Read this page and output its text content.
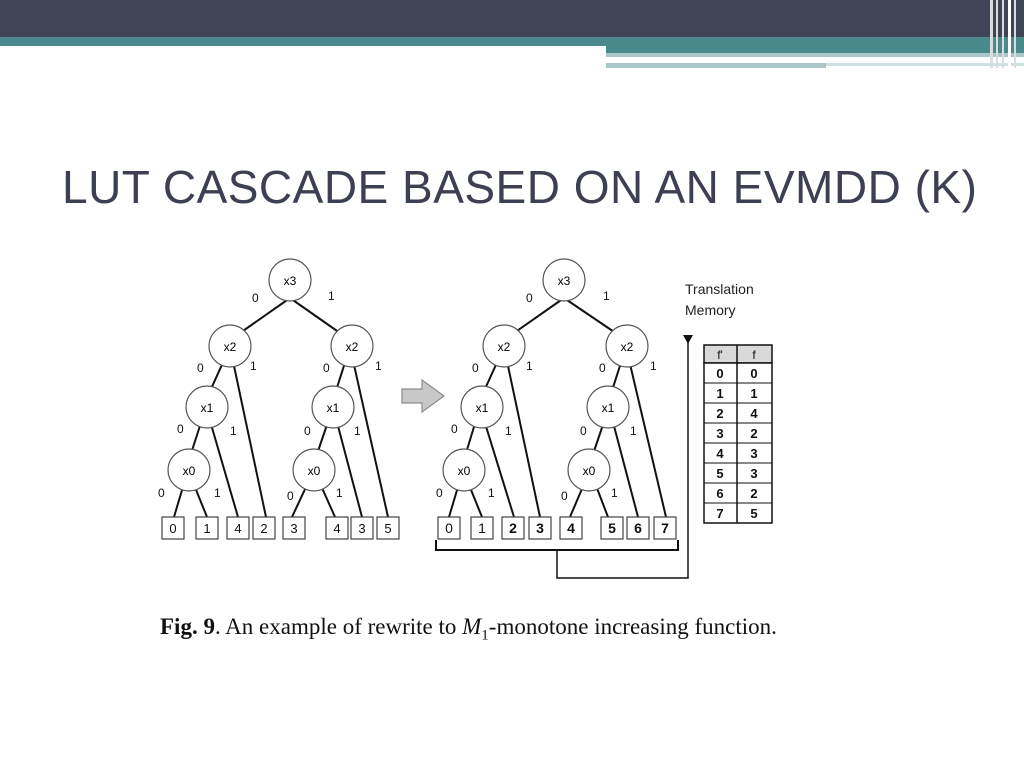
LUT CASCADE BASED ON AN EVMDD (K)
0	1
0	1
0	1
0	1
0	1
0	1
0	1
0	1
0	1
0	1
0	1
0	1
0	1
0	1
x3
x2	x2
x1	x1
x0	x0
x3
x2	x2
x1	x1
x0	x0
0 1 4 2 3	4 3 5	0 1 2 3 4 5 6 7
Translation
Memory
f' f
0 0
1 1
2 4
3 2
4 3
5 3
6 2
7 5
Fig. 9. An example of rewrite to $M_1$-monotone increasing function.
